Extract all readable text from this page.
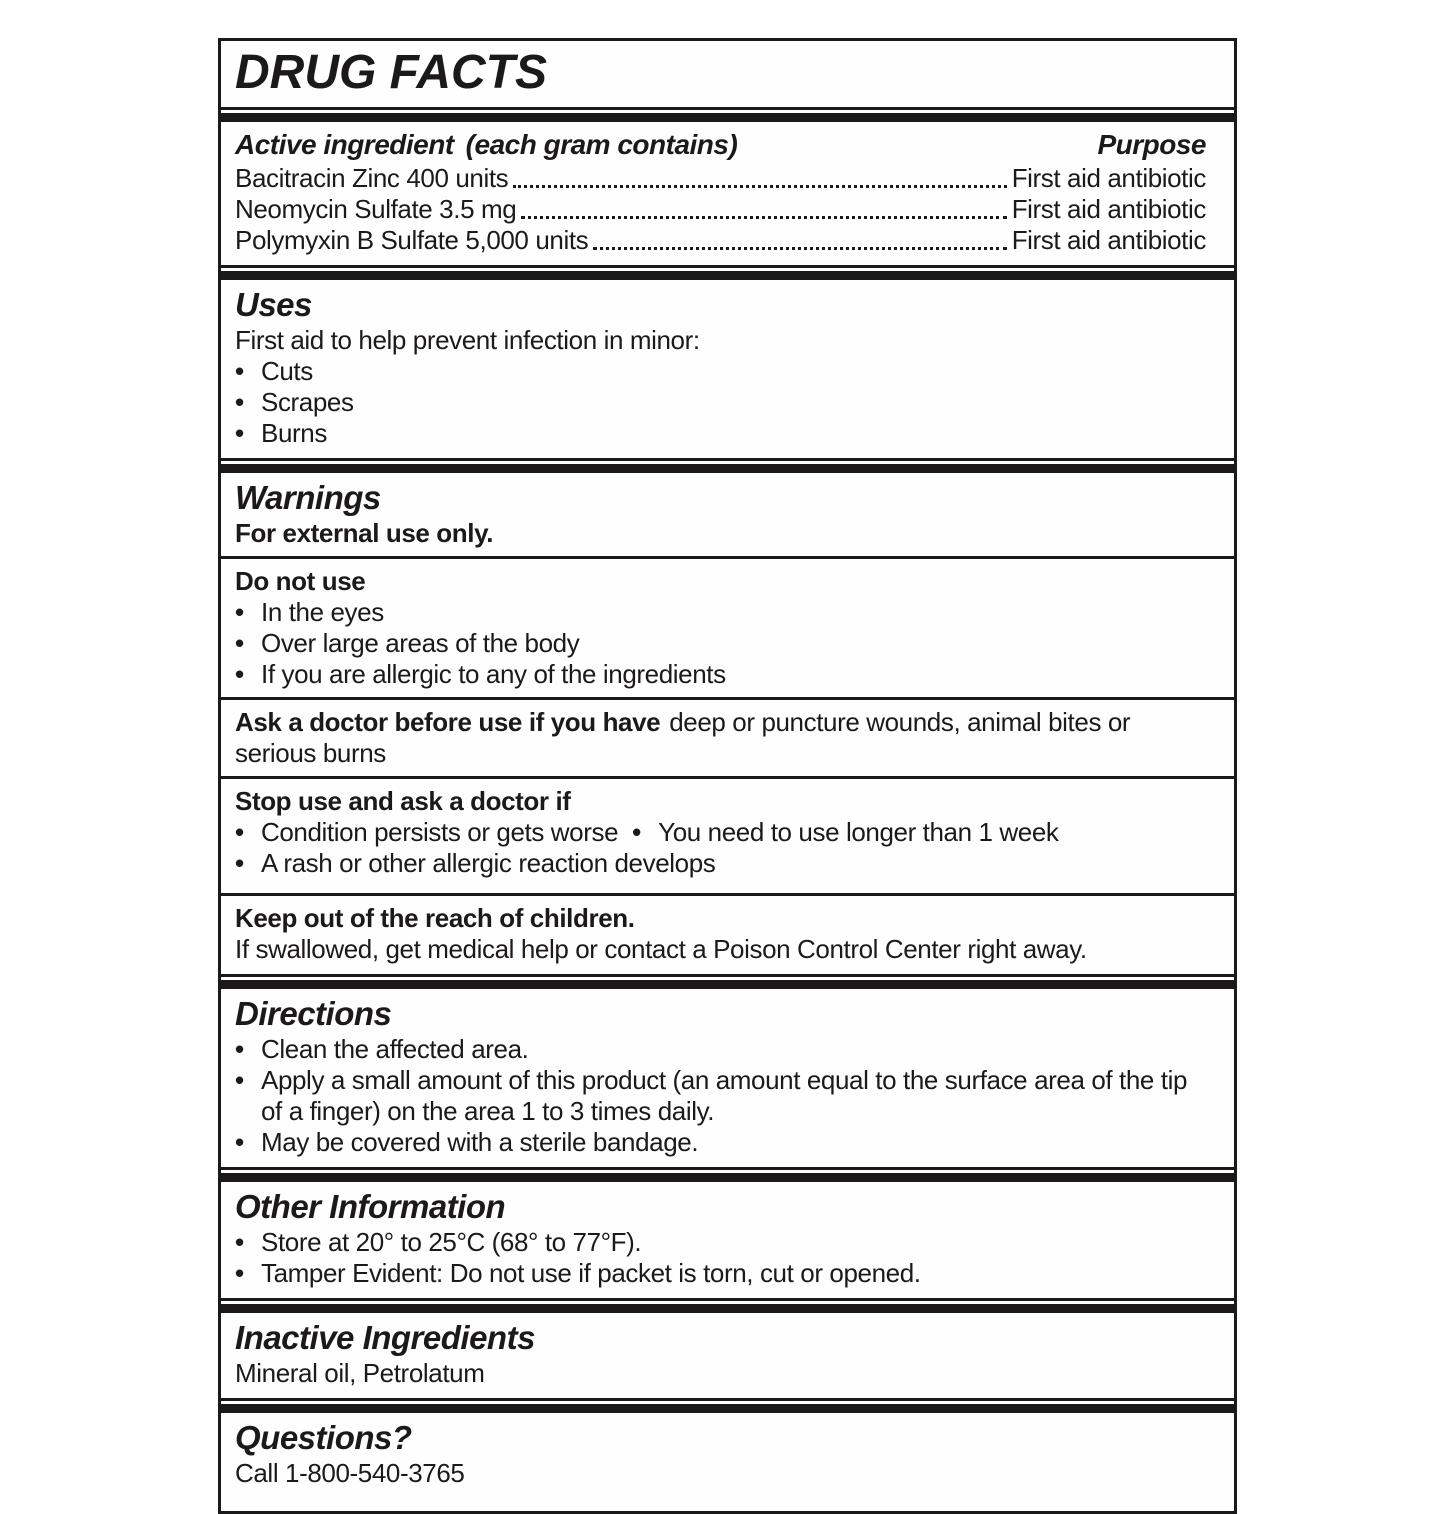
DRUG FACTS
Active ingredient (each gram contains)	Purpose
Bacitracin Zinc 400 units	First aid antibiotic
Neomycin Sulfate 3.5 mg	First aid antibiotic
Polymyxin B Sulfate 5,000 units	First aid antibiotic
Uses
First aid to help prevent infection in minor:
• Cuts
• Scrapes
• Burns
Warnings
For external use only.
Do not use
• In the eyes
• Over large areas of the body
• If you are allergic to any of the ingredients
Ask a doctor before use if you have deep or puncture wounds, animal bites or serious burns
Stop use and ask a doctor if
• Condition persists or gets worse • You need to use longer than 1 week
• A rash or other allergic reaction develops
Keep out of the reach of children.
If swallowed, get medical help or contact a Poison Control Center right away.
Directions
• Clean the affected area.
• Apply a small amount of this product (an amount equal to the surface area of the tip of a finger) on the area 1 to 3 times daily.
• May be covered with a sterile bandage.
Other Information
• Store at 20° to 25°C (68° to 77°F).
• Tamper Evident: Do not use if packet is torn, cut or opened.
Inactive Ingredients
Mineral oil, Petrolatum
Questions?
Call 1-800-540-3765
